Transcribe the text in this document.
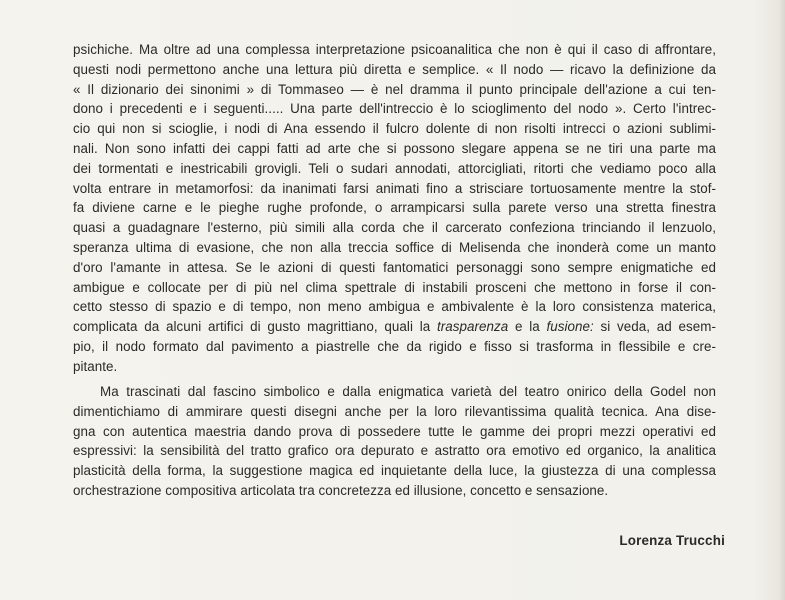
psichiche. Ma oltre ad una complessa interpretazione psicoanalitica che non è qui il caso di affrontare,
questi nodi permettono anche una lettura più diretta e semplice. « Il nodo — ricavo la definizione da
« Il dizionario dei sinonimi » di Tommaseo — è nel dramma il punto principale dell'azione a cui ten-
dono i precedenti e i seguenti..... Una parte dell'intreccio è lo scioglimento del nodo ». Certo l'intrec-
cio qui non si scioglie, i nodi di Ana essendo il fulcro dolente di non risolti intrecci o azioni sublimi-
nali. Non sono infatti dei cappi fatti ad arte che si possono slegare appena se ne tiri una parte ma
dei tormentati e inestricabili grovigli. Teli o sudari annodati, attorcigliati, ritorti che vediamo poco alla
volta entrare in metamorfosi: da inanimati farsi animati fino a strisciare tortuosamente mentre la stof-
fa diviene carne e le pieghe rughe profonde, o arrampicarsi sulla parete verso una stretta finestra
quasi a guadagnare l'esterno, più simili alla corda che il carcerato confeziona trinciando il lenzuolo,
speranza ultima di evasione, che non alla treccia soffice di Melisenda che inonderà come un manto
d'oro l'amante in attesa. Se le azioni di questi fantomatici personaggi sono sempre enigmatiche ed
ambigue e collocate per di più nel clima spettrale di instabili prosceni che mettono in forse il con-
cetto stesso di spazio e di tempo, non meno ambigua e ambivalente è la loro consistenza materica,
complicata da alcuni artifici di gusto magrittiano, quali la trasparenza e la fusione: si veda, ad esem-
pio, il nodo formato dal pavimento a piastrelle che da rigido e fisso si trasforma in flessibile e cre-
pitante.
Ma trascinati dal fascino simbolico e dalla enigmatica varietà del teatro onirico della Godel non
dimentichiamo di ammirare questi disegni anche per la loro rilevantissima qualità tecnica. Ana dise-
gna con autentica maestria dando prova di possedere tutte le gamme dei propri mezzi operativi ed
espressivi: la sensibilità del tratto grafico ora depurato e astratto ora emotivo ed organico, la analitica
plasticità della forma, la suggestione magica ed inquietante della luce, la giustezza di una complessa
orchestrazione compositiva articolata tra concretezza ed illusione, concetto e sensazione.
Lorenza Trucchi
